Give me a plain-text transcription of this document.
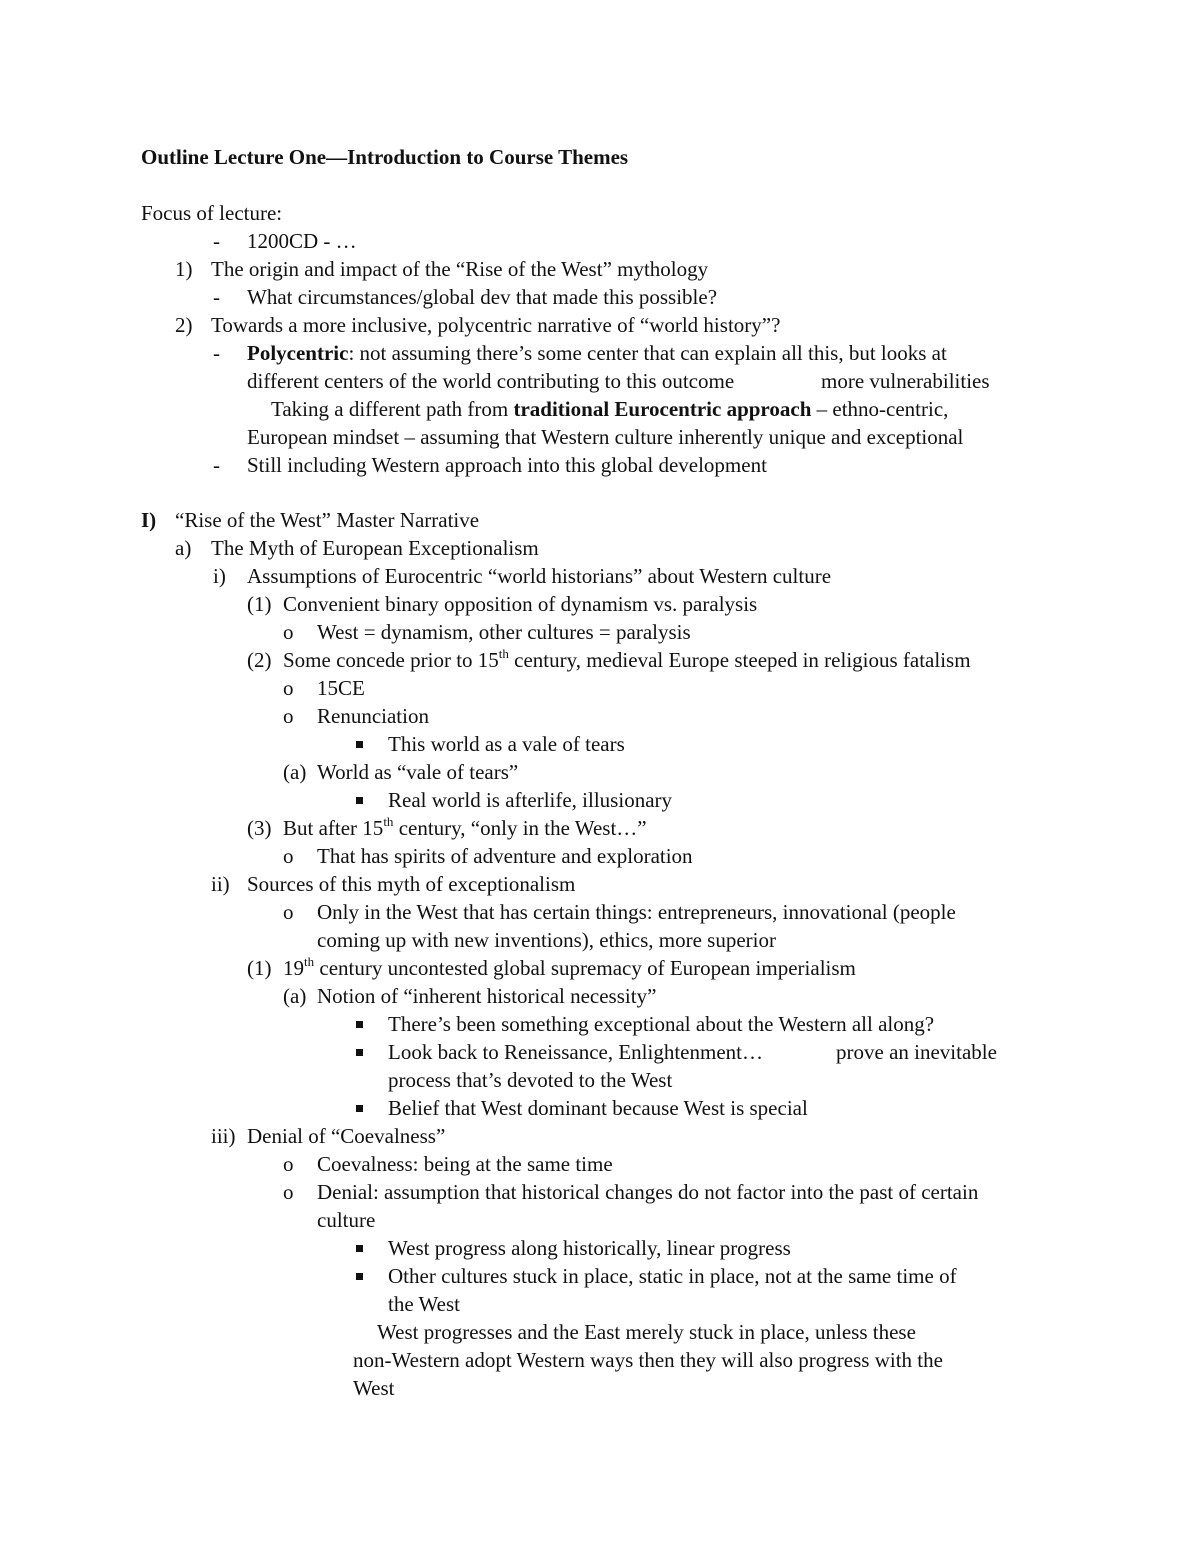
Outline Lecture One—Introduction to Course Themes
Focus of lecture:
- 1200CD - …
1) The origin and impact of the “Rise of the West” mythology
- What circumstances/global dev that made this possible?
2) Towards a more inclusive, polycentric narrative of “world history”?
- Polycentric: not assuming there’s some center that can explain all this, but looks at
different centers of the world contributing to this outcome	more vulnerabilities
Taking a different path from traditional Eurocentric approach – ethno-centric,
European mindset – assuming that Western culture inherently unique and exceptional
- Still including Western approach into this global development
I) “Rise of the West” Master Narrative
a) The Myth of European Exceptionalism
i) Assumptions of Eurocentric “world historians” about Western culture
(1) Convenient binary opposition of dynamism vs. paralysis
o West = dynamism, other cultures = paralysis
(2) Some concede prior to 15th century, medieval Europe steeped in religious fatalism
o 15CE
o Renunciation
This world as a vale of tears
(a) World as “vale of tears”
Real world is afterlife, illusionary
(3) But after 15th century, “only in the West…”
o That has spirits of adventure and exploration
ii) Sources of this myth of exceptionalism
o Only in the West that has certain things: entrepreneurs, innovational (people
coming up with new inventions), ethics, more superior
(1) 19th century uncontested global supremacy of European imperialism
(a) Notion of “inherent historical necessity”
There’s been something exceptional about the Western all along?
Look back to Reneissance, Enlightenment…	prove an inevitable
process that’s devoted to the West
Belief that West dominant because West is special
iii) Denial of “Coevalness”
o Coevalness: being at the same time
o Denial: assumption that historical changes do not factor into the past of certain
culture
West progress along historically, linear progress
Other cultures stuck in place, static in place, not at the same time of
the West
West progresses and the East merely stuck in place, unless these
non-Western adopt Western ways then they will also progress with the
West
